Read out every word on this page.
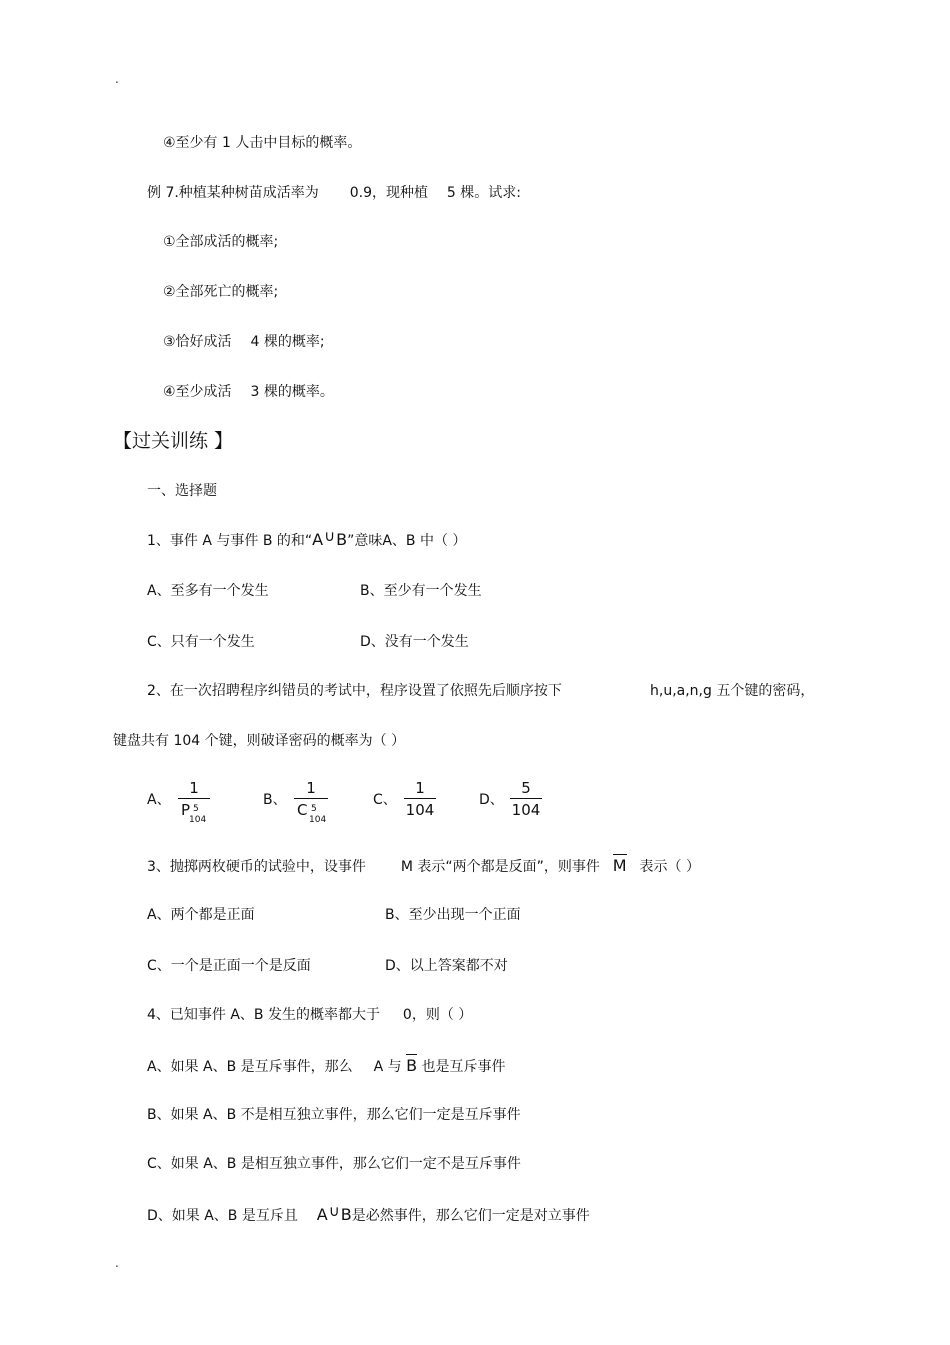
.
④至少有 1 人击中目标的概率。
例 7.种植某种树苗成活率为 0.9，现种植 5 棵。试求:
①全部成活的概率;
②全部死亡的概率;
③恰好成活 4 棵的概率;
④至少成活 3 棵的概率。
【过关训练 】
一、选择题
1、事件 A 与事件 B 的和“A∪B”意味A、B 中（ ）
A、至多有一个发生	B、至少有一个发生
C、只有一个发生	D、没有一个发生
2、在一次招聘程序纠错员的考试中，程序设置了依照先后顺序按下	h,u,a,n,g 五个键的密码，
键盘共有 104 个键，则破译密码的概率为（ ）
A、
1
P 5
104
B、
1
C 5
104
C、
1
104
D、
5
104
3、抛掷两枚硬币的试验中，设事件 M 表示“两个都是反面”，则事件 M 表示（ ）
A、两个都是正面	B、至少出现一个正面
C、一个是正面一个是反面	D、以上答案都不对
4、已知事件 A、B 发生的概率都大于 0，则（ ）
A、如果 A、B 是互斥事件，那么 A 与 B 也是互斥事件
B、如果 A、B 不是相互独立事件，那么它们一定是互斥事件
C、如果 A、B 是相互独立事件，那么它们一定不是互斥事件
D、如果 A、B 是互斥且 A∪B是必然事件，那么它们一定是对立事件
.
